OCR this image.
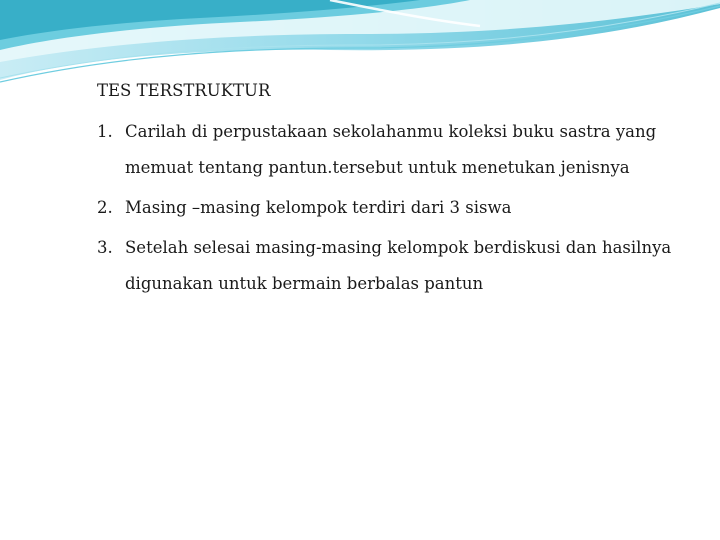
TES TERSTRUKTUR

1. Carilah di perpustakaan sekolahanmu koleksi buku sastra yang memuat tentang pantun.tersebut untuk menetukan jenisnya
2. Masing –masing kelompok terdiri dari 3 siswa
3. Setelah selesai masing-masing kelompok berdiskusi dan hasilnya digunakan untuk bermain berbalas pantun
